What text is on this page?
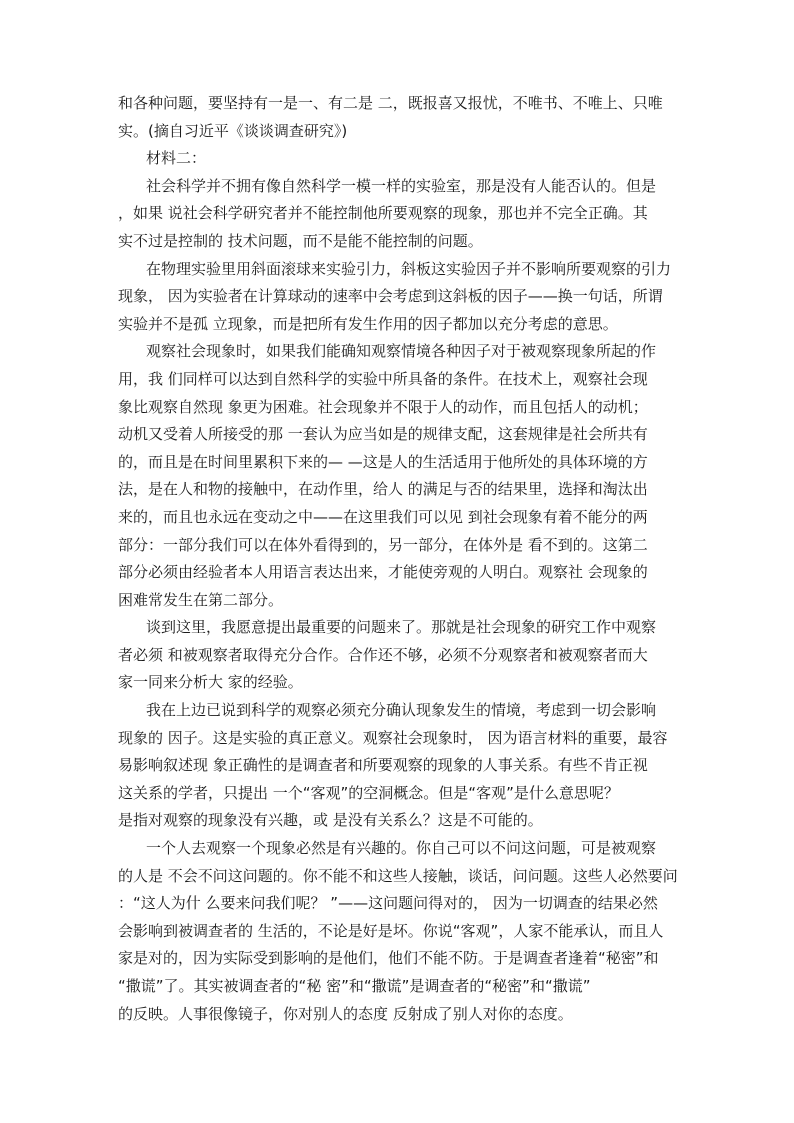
和各种问题，要坚持有一是一、有二是 二，既报喜又报忧，不唯书、不唯上、只唯
实。(摘自习近平《谈谈调查研究》)
材料二：
社会科学并不拥有像自然科学一模一样的实验室，那是没有人能否认的。但是
，如果 说社会科学研究者并不能控制他所要观察的现象，那也并不完全正确。其
实不过是控制的 技术问题，而不是能不能控制的问题。
在物理实验里用斜面滚球来实验引力，斜板这实验因子并不影响所要观察的引力
现象， 因为实验者在计算球动的速率中会考虑到这斜板的因子——换一句话，所谓
实验并不是孤 立现象，而是把所有发生作用的因子都加以充分考虑的意思。
观察社会现象时，如果我们能确知观察情境各种因子对于被观察现象所起的作
用，我 们同样可以达到自然科学的实验中所具备的条件。在技术上，观察社会现
象比观察自然现 象更为困难。社会现象并不限于人的动作，而且包括人的动机；
动机又受着人所接受的那 一套认为应当如是的规律支配，这套规律是社会所共有
的，而且是在时间里累积下来的— —这是人的生活适用于他所处的具体环境的方
法，是在人和物的接触中，在动作里，给人 的满足与否的结果里，选择和淘汰出
来的，而且也永远在变动之中——在这里我们可以见 到社会现象有着不能分的两
部分：一部分我们可以在体外看得到的，另一部分，在体外是 看不到的。这第二
部分必须由经验者本人用语言表达出来，才能使旁观的人明白。观察社 会现象的
困难常发生在第二部分。
谈到这里，我愿意提出最重要的问题来了。那就是社会现象的研究工作中观察
者必须 和被观察者取得充分合作。合作还不够，必须不分观察者和被观察者而大
家一同来分析大 家的经验。
我在上边已说到科学的观察必须充分确认现象发生的情境，考虑到一切会影响
现象的 因子。这是实验的真正意义。观察社会现象时， 因为语言材料的重要，最容
易影响叙述现 象正确性的是调查者和所要观察的现象的人事关系。有些不肯正视
这关系的学者，只提出 一个“客观”的空洞概念。但是“客观”是什么意思呢？
是指对观察的现象没有兴趣，或 是没有关系么？这是不可能的。
一个人去观察一个现象必然是有兴趣的。你自己可以不问这问题，可是被观察
的人是 不会不问这问题的。你不能不和这些人接触，谈话，问问题。这些人必然要问
：“这人为什 么要来问我们呢？ ”——这问题问得对的， 因为一切调查的结果必然
会影响到被调查者的 生活的，不论是好是坏。你说“客观”，人家不能承认，而且人
家是对的，因为实际受到影响的是他们，他们不能不防。于是调查者逢着“秘密”和
“撒谎”了。其实被调查者的“秘 密”和“撒谎”是调查者的“秘密”和“撒谎”
的反映。人事很像镜子，你对别人的态度 反射成了别人对你的态度。
